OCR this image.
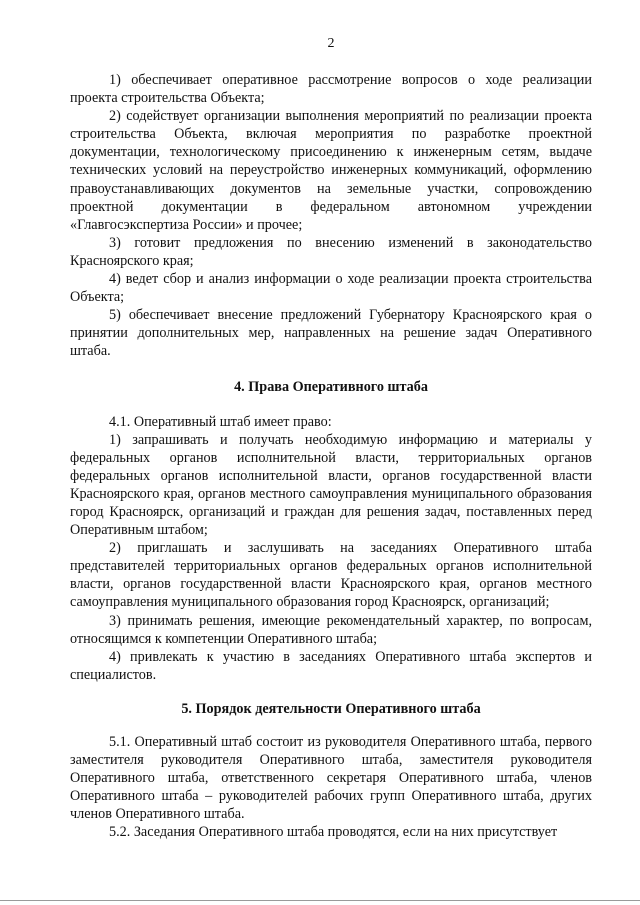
2

1) обеспечивает оперативное рассмотрение вопросов о ходе реализации проекта строительства Объекта;

2) содействует организации выполнения мероприятий по реализации проекта строительства Объекта, включая мероприятия по разработке проектной документации, технологическому присоединению к инженерным сетям, выдаче технических условий на переустройство инженерных коммуникаций, оформлению правоустанавливающих документов на земельные участки, сопровождению проектной документации в федеральном автономном учреждении «Главгосэкспертиза России» и прочее;

3) готовит предложения по внесению изменений в законодательство Красноярского края;

4) ведет сбор и анализ информации о ходе реализации проекта строительства Объекта;

5) обеспечивает внесение предложений Губернатору Красноярского края о принятии дополнительных мер, направленных на решение задач Оперативного штаба.

4. Права Оперативного штаба

4.1. Оперативный штаб имеет право:

1) запрашивать и получать необходимую информацию и материалы у федеральных органов исполнительной власти, территориальных органов федеральных органов исполнительной власти, органов государственной власти Красноярского края, органов местного самоуправления муниципального образования город Красноярск, организаций и граждан для решения задач, поставленных перед Оперативным штабом;

2) приглашать и заслушивать на заседаниях Оперативного штаба представителей территориальных органов федеральных органов исполнительной власти, органов государственной власти Красноярского края, органов местного самоуправления муниципального образования город Красноярск, организаций;

3) принимать решения, имеющие рекомендательный характер, по вопросам, относящимся к компетенции Оперативного штаба;

4) привлекать к участию в заседаниях Оперативного штаба экспертов и специалистов.

5. Порядок деятельности Оперативного штаба

5.1. Оперативный штаб состоит из руководителя Оперативного штаба, первого заместителя руководителя Оперативного штаба, заместителя руководителя Оперативного штаба, ответственного секретаря Оперативного штаба, членов Оперативного штаба – руководителей рабочих групп Оперативного штаба, других членов Оперативного штаба.

5.2. Заседания Оперативного штаба проводятся, если на них присутствует
